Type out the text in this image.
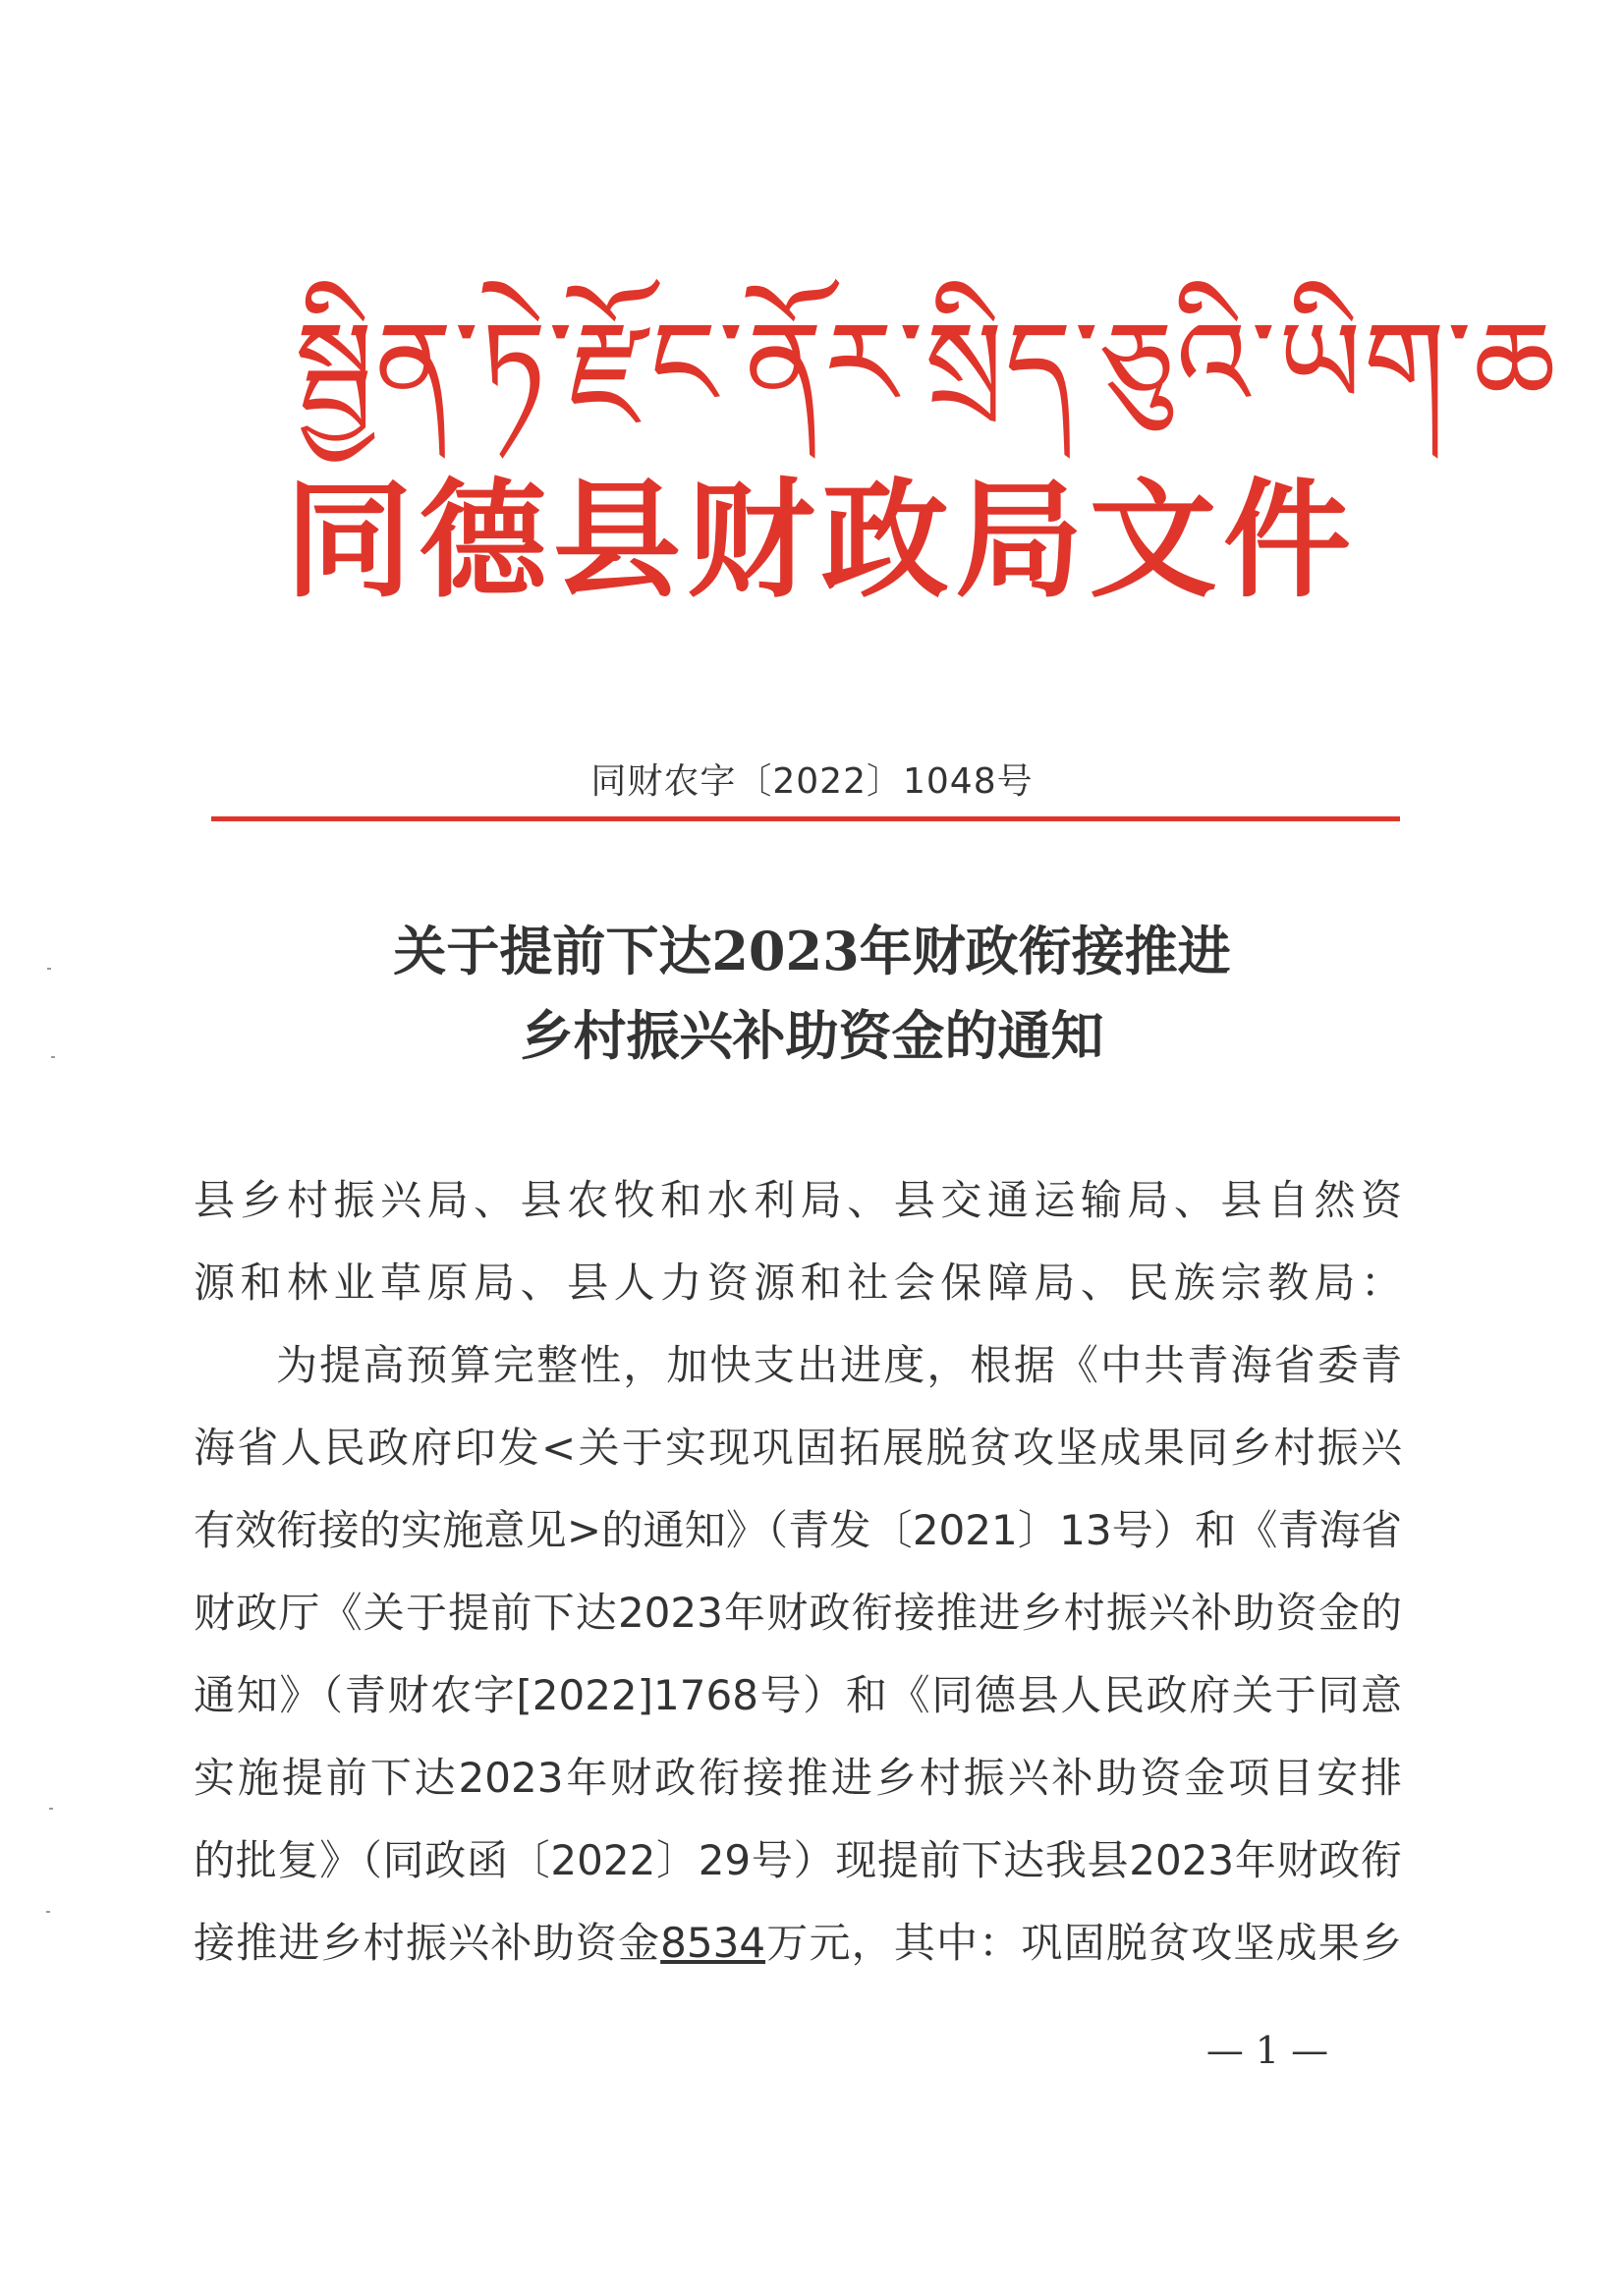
སྦྱིན་ཏེ་རྫོང་ནོར་སྲིད་ཅུའི་ཡིག་ཆ
同德县财政局文件
同财农字〔2022〕1048号
关于提前下达2023年财政衔接推进
乡村振兴补助资金的通知
县乡村振兴局、县农牧和水利局、县交通运输局、县自然资
源和林业草原局、县人力资源和社会保障局、民族宗教局：
为提高预算完整性，加快支出进度，根据《中共青海省委青
海省人民政府印发<关于实现巩固拓展脱贫攻坚成果同乡村振兴
有效衔接的实施意见>的通知》（青发〔2021〕13号）和《青海省
财政厅《关于提前下达2023年财政衔接推进乡村振兴补助资金的
通知》（青财农字[2022]1768号）和《同德县人民政府关于同意
实施提前下达2023年财政衔接推进乡村振兴补助资金项目安排
的批复》（同政函〔2022〕29号）现提前下达我县2023年财政衔
接推进乡村振兴补助资金8534万元，其中：巩固脱贫攻坚成果乡
— 1 —
